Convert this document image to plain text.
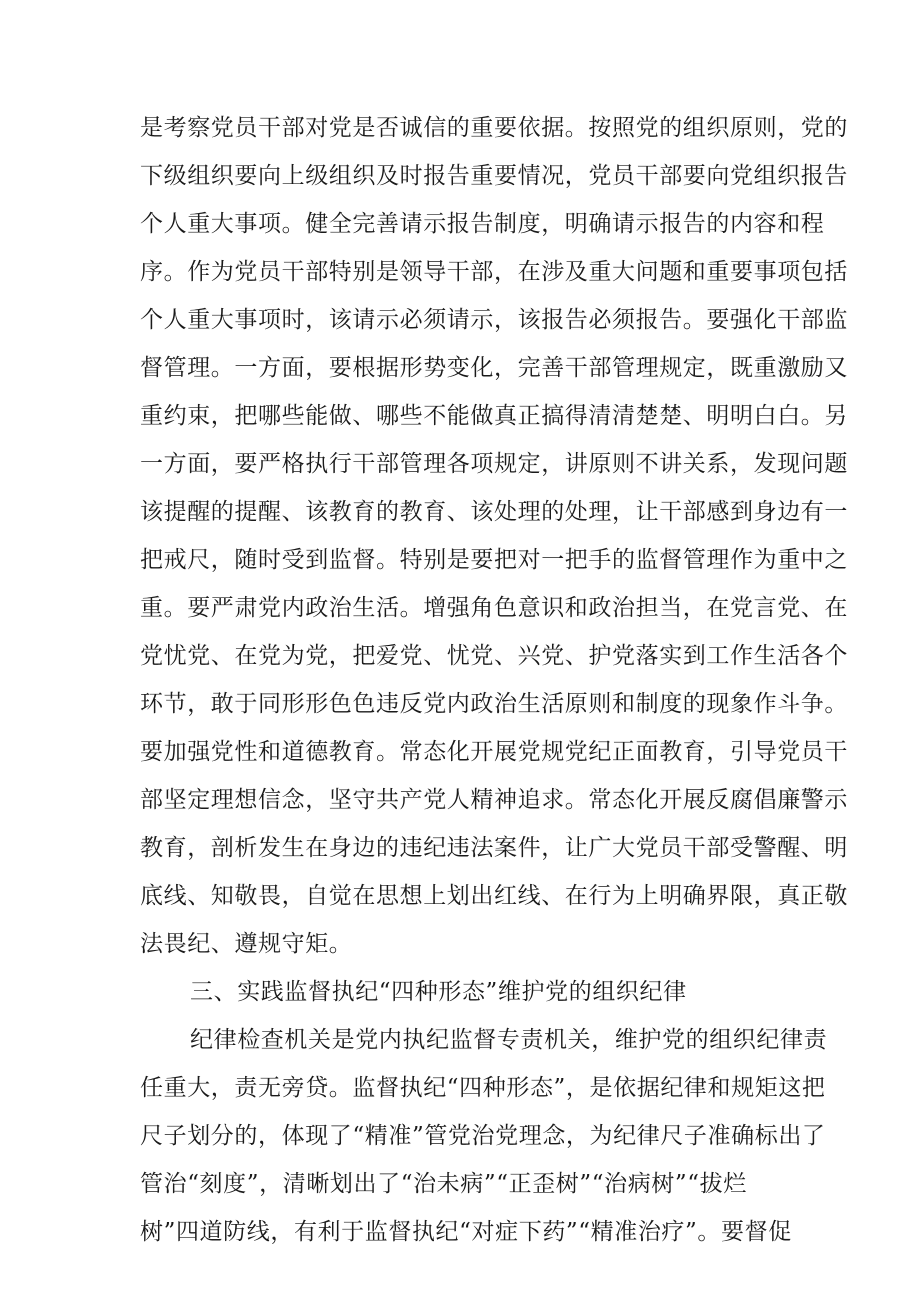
是考察党员干部对党是否诚信的重要依据。按照党的组织原则，党的
下级组织要向上级组织及时报告重要情况，党员干部要向党组织报告
个人重大事项。健全完善请示报告制度，明确请示报告的内容和程
序。作为党员干部特别是领导干部，在涉及重大问题和重要事项包括
个人重大事项时，该请示必须请示，该报告必须报告。要强化干部监
督管理。一方面，要根据形势变化，完善干部管理规定，既重激励又
重约束，把哪些能做、哪些不能做真正搞得清清楚楚、明明白白。另
一方面，要严格执行干部管理各项规定，讲原则不讲关系，发现问题
该提醒的提醒、该教育的教育、该处理的处理，让干部感到身边有一
把戒尺，随时受到监督。特别是要把对一把手的监督管理作为重中之
重。要严肃党内政治生活。增强角色意识和政治担当，在党言党、在
党忧党、在党为党，把爱党、忧党、兴党、护党落实到工作生活各个
环节，敢于同形形色色违反党内政治生活原则和制度的现象作斗争。
要加强党性和道德教育。常态化开展党规党纪正面教育，引导党员干
部坚定理想信念，坚守共产党人精神追求。常态化开展反腐倡廉警示
教育，剖析发生在身边的违纪违法案件，让广大党员干部受警醒、明
底线、知敬畏，自觉在思想上划出红线、在行为上明确界限，真正敬
法畏纪、遵规守矩。
三、实践监督执纪“四种形态”维护党的组织纪律
纪律检查机关是党内执纪监督专责机关，维护党的组织纪律责
任重大，责无旁贷。监督执纪“四种形态”，是依据纪律和规矩这把
尺子划分的，体现了“精准”管党治党理念，为纪律尺子准确标出了
管治“刻度”，清晰划出了“治未病”“正歪树”“治病树”“拔烂
树”四道防线，有利于监督执纪“对症下药”“精准治疗”。要督促
